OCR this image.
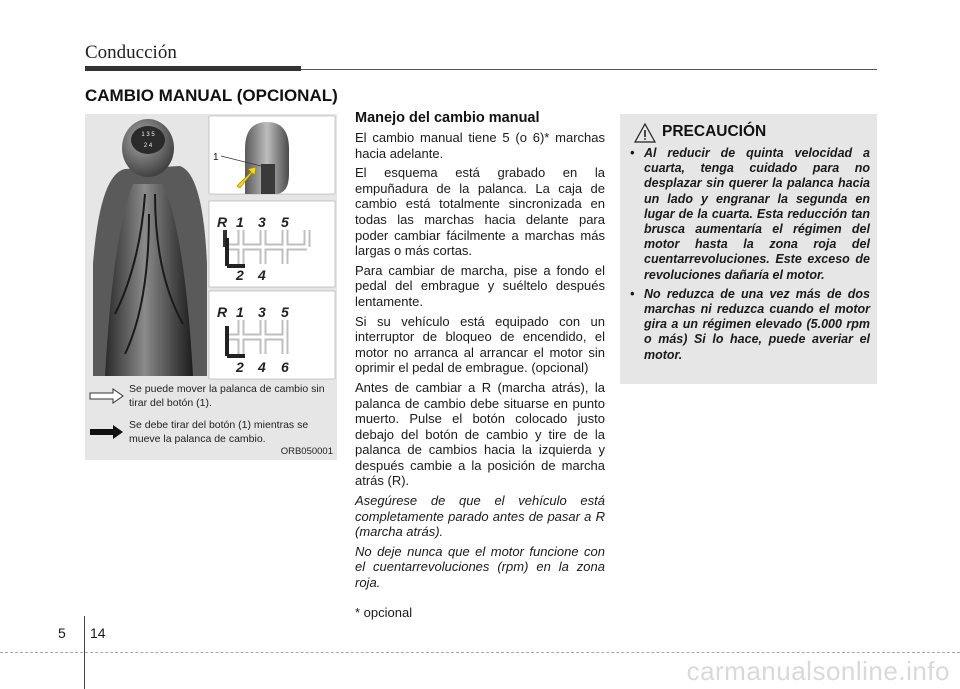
Conducción
CAMBIO MANUAL (OPCIONAL)
1 3 5
2 4
1
R 1 3 5
2 4
R 1 3 5
2 4 6
Se puede mover la palanca de cambio sin tirar del botón (1).
Se debe tirar del botón (1) mientras se mueve la palanca de cambio.
ORB050001
Manejo del cambio manual

El cambio manual tiene 5 (o 6)* marchas hacia adelante.

El esquema está grabado en la empuñadura de la palanca. La caja de cambio está totalmente sincronizada en todas las marchas hacia delante para poder cambiar fácilmente a marchas más largas o más cortas.

Para cambiar de marcha, pise a fondo el pedal del embrague y suéltelo después lentamente.

Si su vehículo está equipado con un interruptor de bloqueo de encendido, el motor no arranca al arrancar el motor sin oprimir el pedal de embrague. (opcional)

Antes de cambiar a R (marcha atrás), la palanca de cambio debe situarse en punto muerto. Pulse el botón colocado justo debajo del botón de cambio y tire de la palanca de cambios hacia la izquierda y después cambie a la posición de marcha atrás (R).

Asegúrese de que el vehículo está completamente parado antes de pasar a R (marcha atrás).

No deje nunca que el motor funcione con el cuentarrevoluciones (rpm) en la zona roja.

* opcional
PRECAUCIÓN
• Al reducir de quinta velocidad a cuarta, tenga cuidado para no desplazar sin querer la palanca hacia un lado y engranar la segunda en lugar de la cuarta. Esta reducción tan brusca aumentaría el régimen del motor hasta la zona roja del cuentarrevoluciones. Este exceso de revoluciones dañaría el motor.
• No reduzca de una vez más de dos marchas ni reduzca cuando el motor gira a un régimen elevado (5.000 rpm o más) Si lo hace, puede averiar el motor.
5 14
carmanualsonline.info
